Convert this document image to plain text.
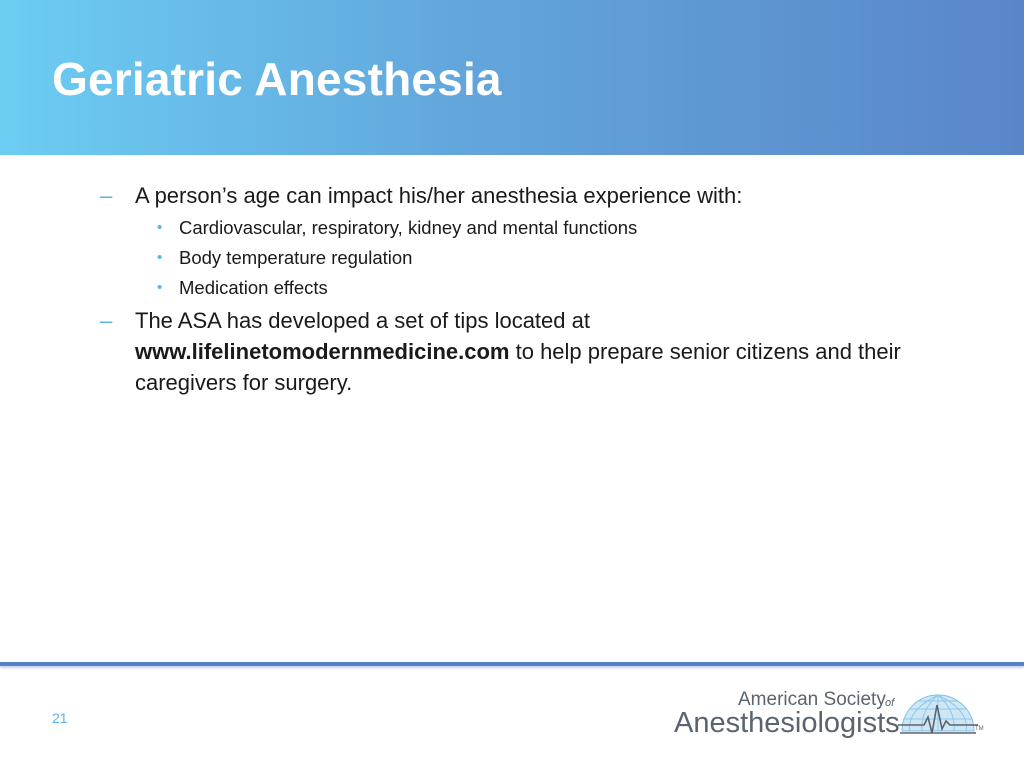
Geriatric Anesthesia
– A person’s age can impact his/her anesthesia experience with:
• Cardiovascular, respiratory, kidney and mental functions
• Body temperature regulation
• Medication effects
– The ASA has developed a set of tips located at
www.lifelinetomodernmedicine.com to help prepare senior citizens and their caregivers for surgery.
21
American Society of
Anesthesiologists	TM
